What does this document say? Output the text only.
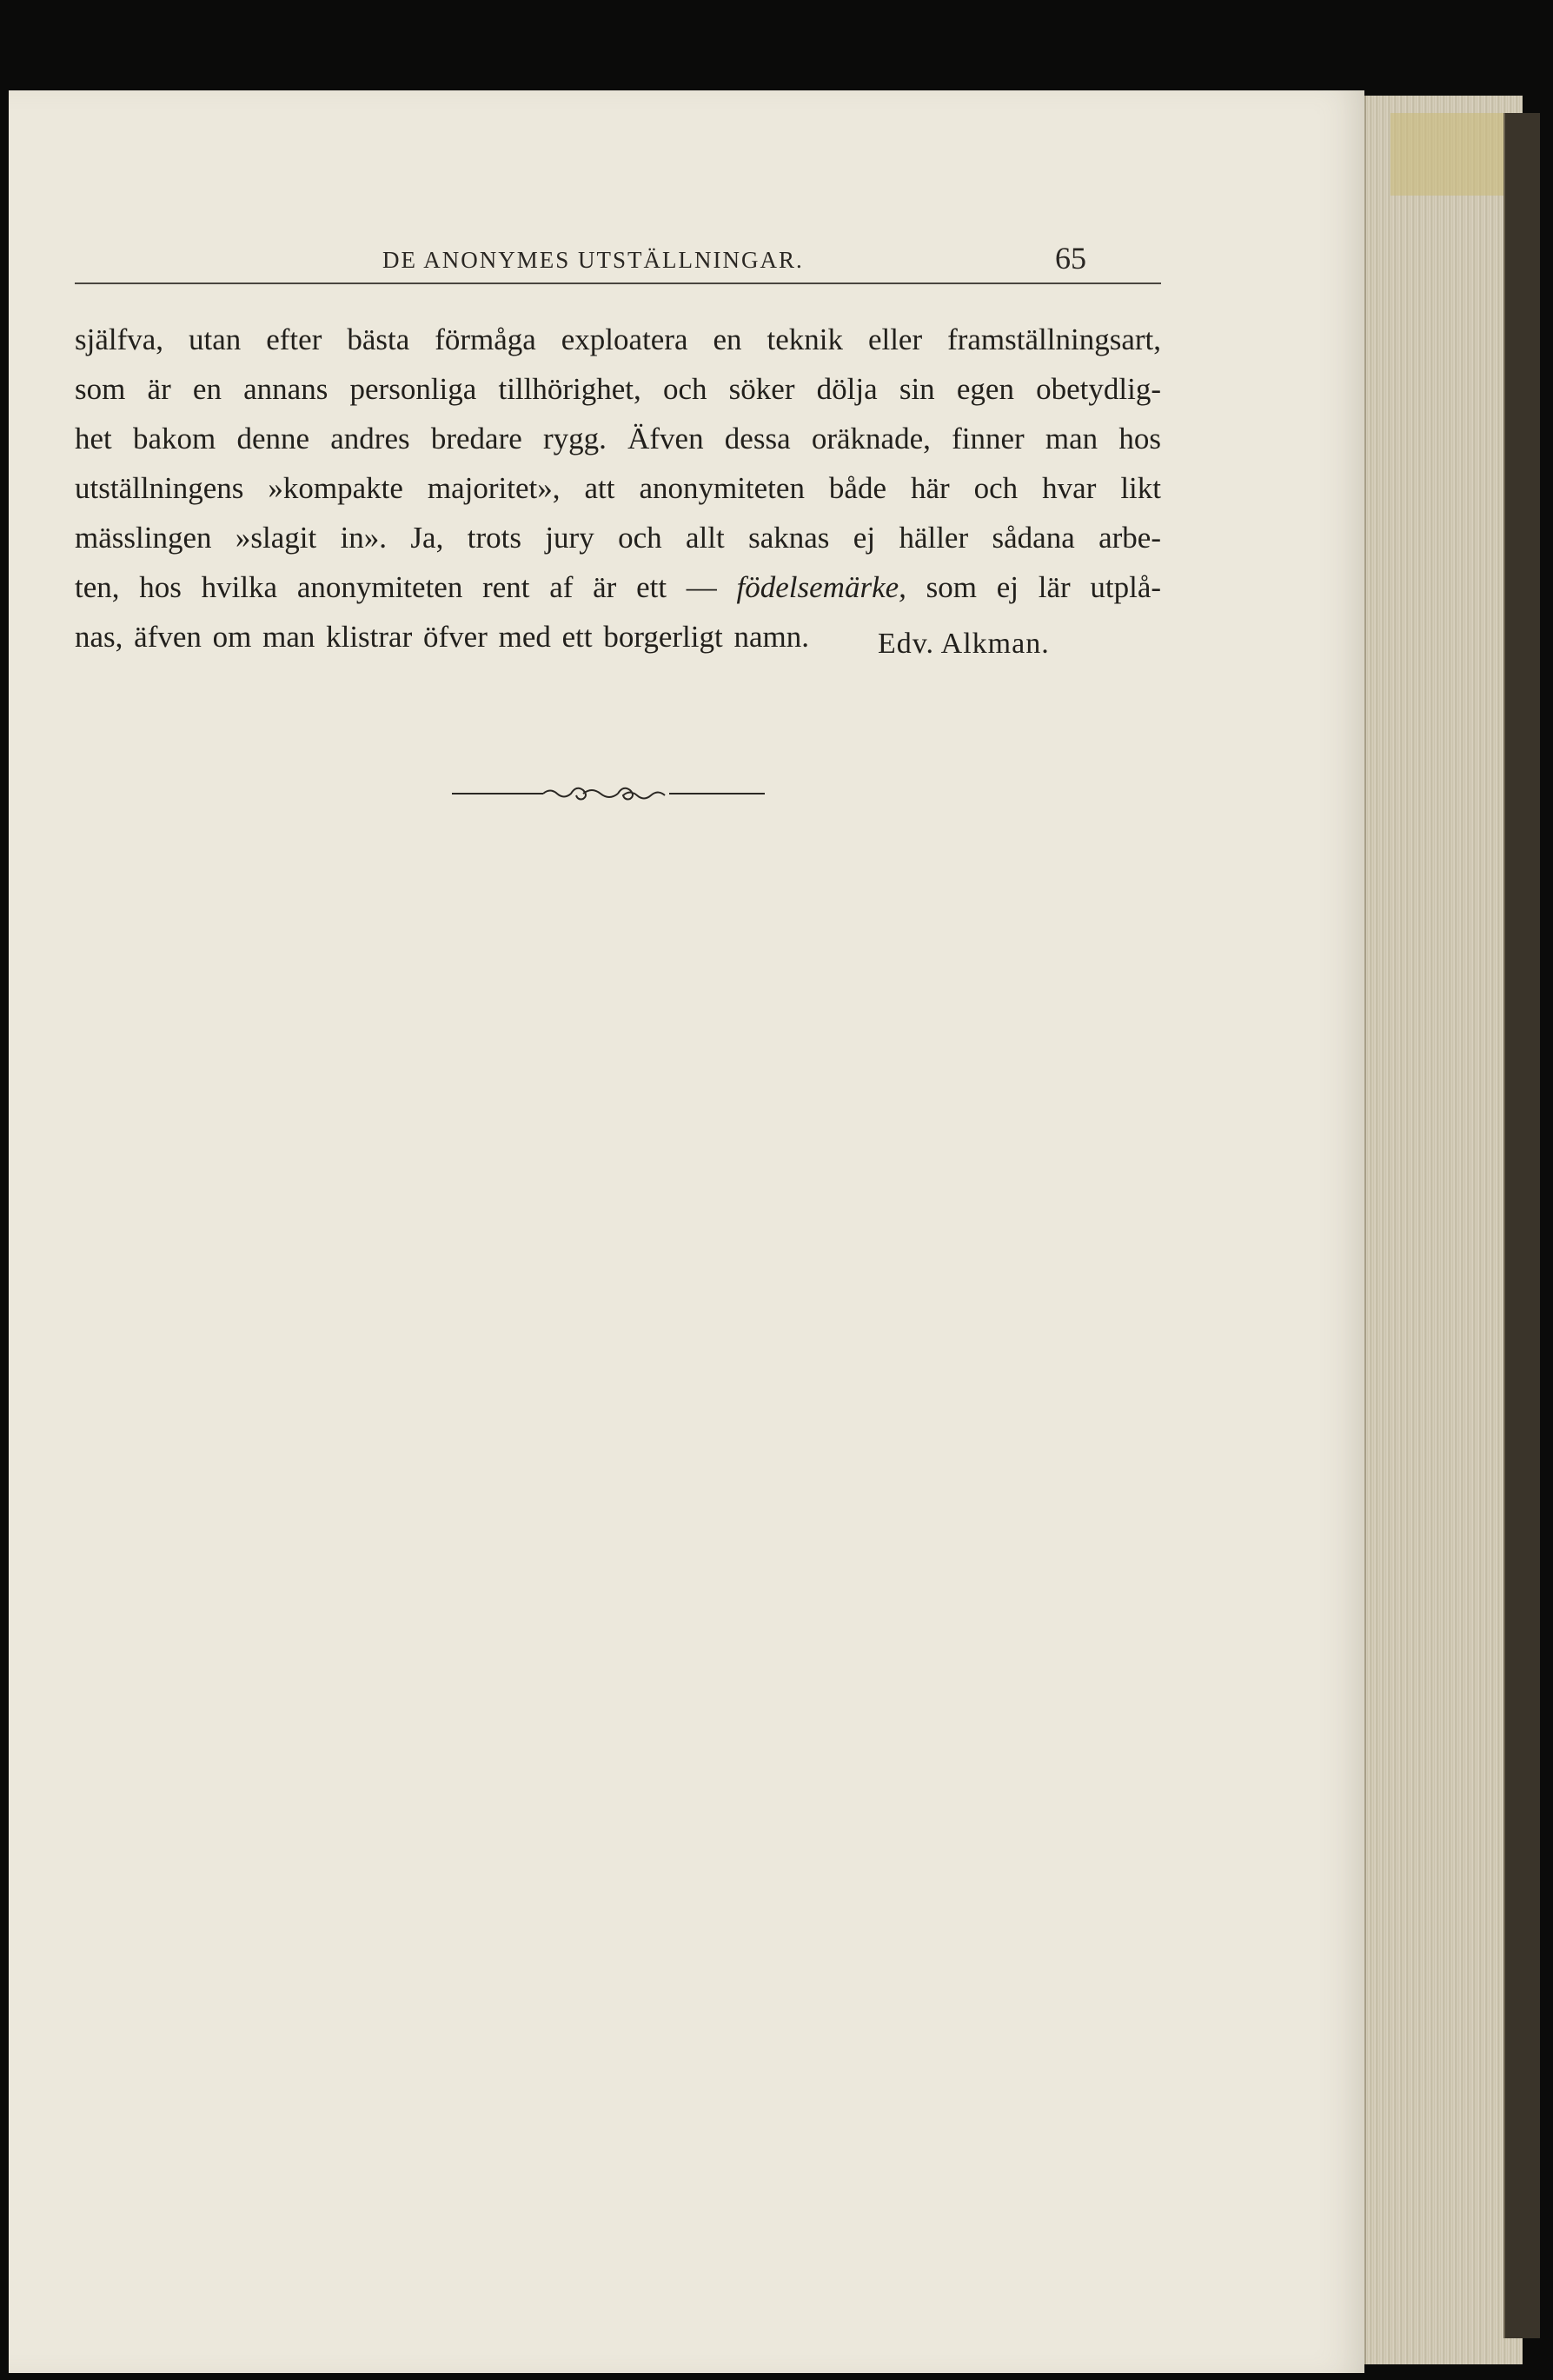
DE ANONYMES UTSTÄLLNINGAR.	65
själfva, utan efter bästa förmåga exploatera en teknik eller framställningsart,
som är en annans personliga tillhörighet, och söker dölja sin egen obetydlig-
het bakom denne andres bredare rygg. Äfven dessa oräknade, finner man hos
utställningens »kompakte majoritet», att anonymiteten både här och hvar likt
mässlingen »slagit in». Ja, trots jury och allt saknas ej häller sådana arbe-
ten, hos hvilka anonymiteten rent af är ett — födelsemärke, som ej lär utplå-
nas, äfven om man klistrar öfver med ett borgerligt namn.	Edv. Alkman.
